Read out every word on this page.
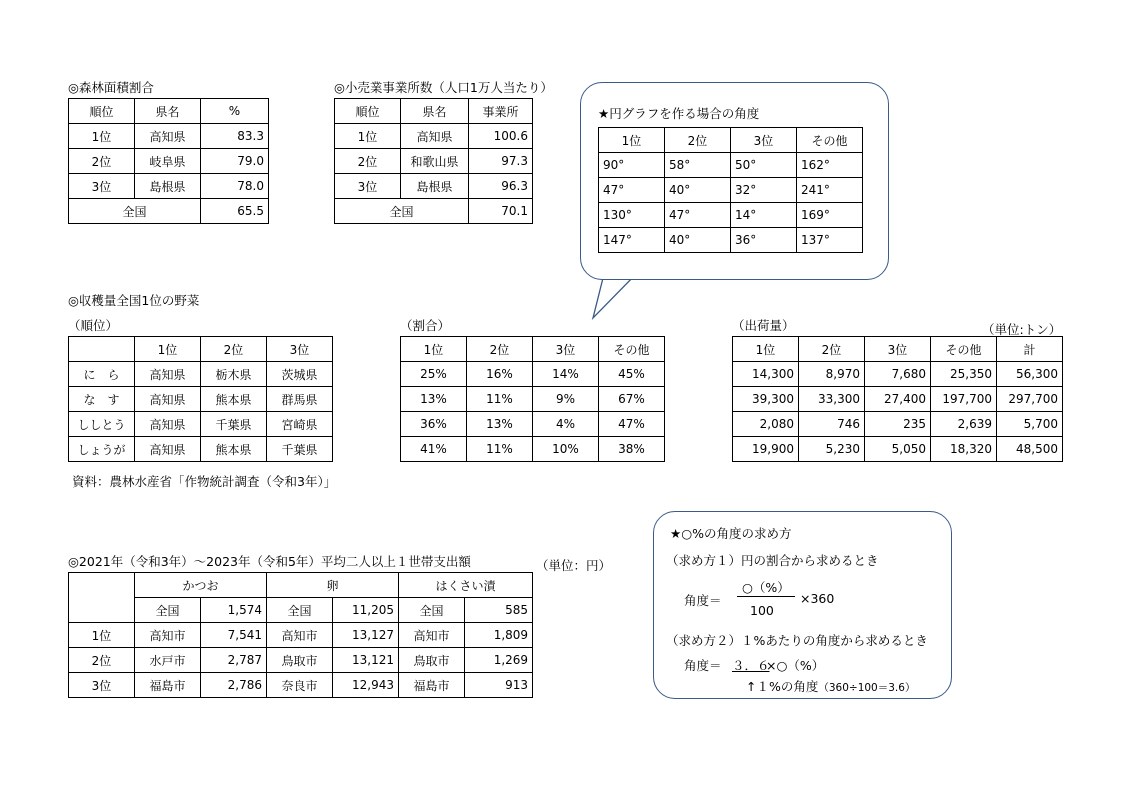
◎森林面積割合
順位	県名	%
1位	高知県	83.3
2位	岐阜県	79.0
3位	島根県	78.0
全国		65.5
◎小売業事業所数（人口1万人当たり）
順位	県名	事業所
1位	高知県	100.6
2位	和歌山県	97.3
3位	島根県	96.3
全国		70.1
★円グラフを作る場合の角度
1位	2位	3位	その他
90°	58°	50°	162°
47°	40°	32°	241°
130°	47°	14°	169°
147°	40°	36°	137°
◎収穫量全国1位の野菜
（順位）	（割合）	（出荷量）	（単位:トン）
	1位	2位	3位
に　ら	高知県	栃木県	茨城県
な　す	高知県	熊本県	群馬県
ししとう	高知県	千葉県	宮崎県
しょうが	高知県	熊本県	千葉県
1位	2位	3位	その他
25%	16%	14%	45%
13%	11%	9%	67%
36%	13%	4%	47%
41%	11%	10%	38%
1位	2位	3位	その他	計
14,300	8,970	7,680	25,350	56,300
39,300	33,300	27,400	197,700	297,700
2,080	746	235	2,639	5,700
19,900	5,230	5,050	18,320	48,500
資料：農林水産省「作物統計調査（令和3年）」
◎2021年（令和3年）～2023年（令和5年）平均二人以上１世帯支出額	（単位：円）
	かつお		卵		はくさい漬	
	全国	1,574	全国	11,205	全国	585
1位	高知市	7,541	高知市	13,127	高知市	1,809
2位	水戸市	2,787	鳥取市	13,121	鳥取市	1,269
3位	福島市	2,786	奈良市	12,943	福島市	913
★○%の角度の求め方
（求め方１）円の割合から求めるとき
角度＝
○（%）
100
×360
（求め方２）１%あたりの角度から求めるとき
角度＝ ３．６
×○（%）
↑１%の角度（360÷100＝3.6）
